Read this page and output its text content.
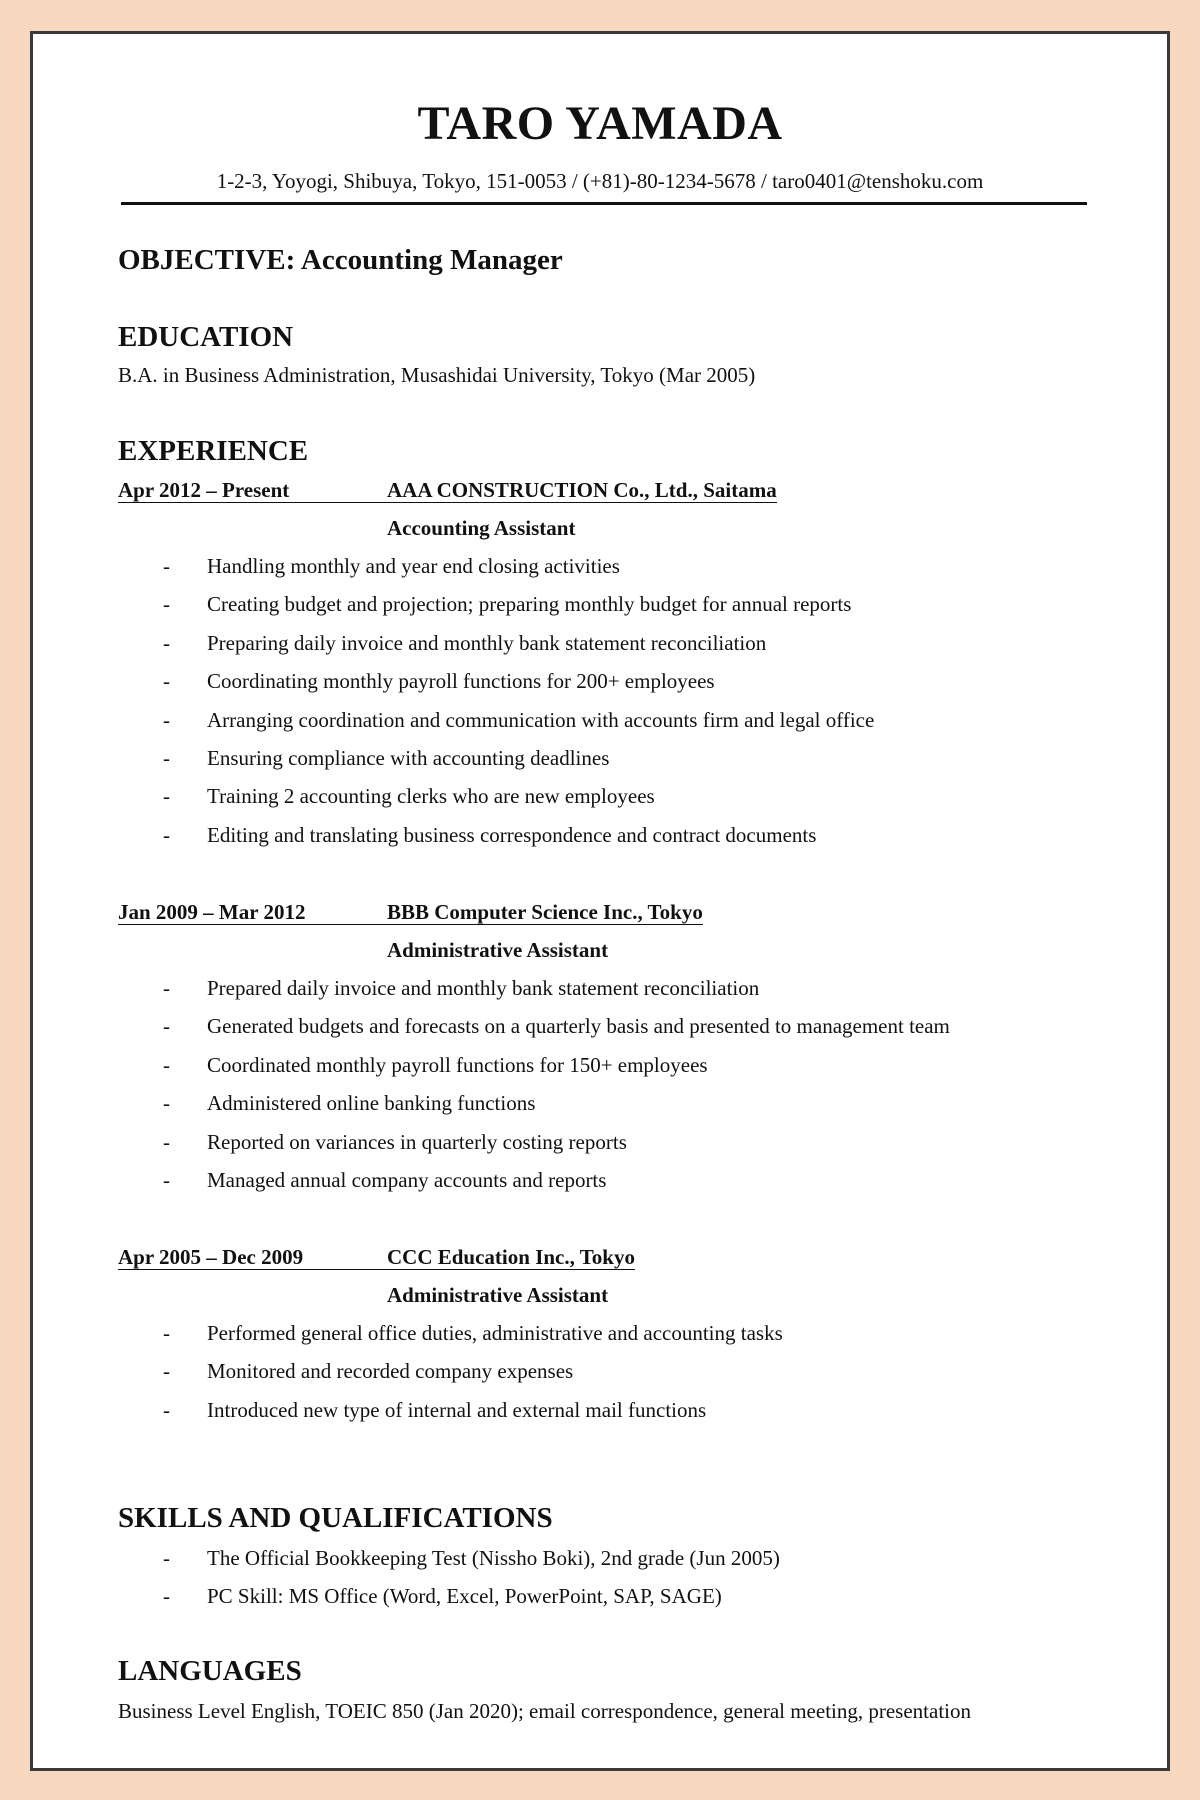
TARO YAMADA
1-2-3, Yoyogi, Shibuya, Tokyo, 151-0053 / (+81)-80-1234-5678 / taro0401@tenshoku.com
OBJECTIVE: Accounting Manager
EDUCATION
B.A. in Business Administration, Musashidai University, Tokyo (Mar 2005)
EXPERIENCE
Apr 2012 – Present	AAA CONSTRUCTION Co., Ltd., Saitama
Accounting Assistant
- Handling monthly and year end closing activities
- Creating budget and projection; preparing monthly budget for annual reports
- Preparing daily invoice and monthly bank statement reconciliation
- Coordinating monthly payroll functions for 200+ employees
- Arranging coordination and communication with accounts firm and legal office
- Ensuring compliance with accounting deadlines
- Training 2 accounting clerks who are new employees
- Editing and translating business correspondence and contract documents
Jan 2009 – Mar 2012	BBB Computer Science Inc., Tokyo
Administrative Assistant
- Prepared daily invoice and monthly bank statement reconciliation
- Generated budgets and forecasts on a quarterly basis and presented to management team
- Coordinated monthly payroll functions for 150+ employees
- Administered online banking functions
- Reported on variances in quarterly costing reports
- Managed annual company accounts and reports
Apr 2005 – Dec 2009	CCC Education Inc., Tokyo
Administrative Assistant
- Performed general office duties, administrative and accounting tasks
- Monitored and recorded company expenses
- Introduced new type of internal and external mail functions
SKILLS AND QUALIFICATIONS
- The Official Bookkeeping Test (Nissho Boki), 2nd grade (Jun 2005)
- PC Skill: MS Office (Word, Excel, PowerPoint, SAP, SAGE)
LANGUAGES
Business Level English, TOEIC 850 (Jan 2020); email correspondence, general meeting, presentation
